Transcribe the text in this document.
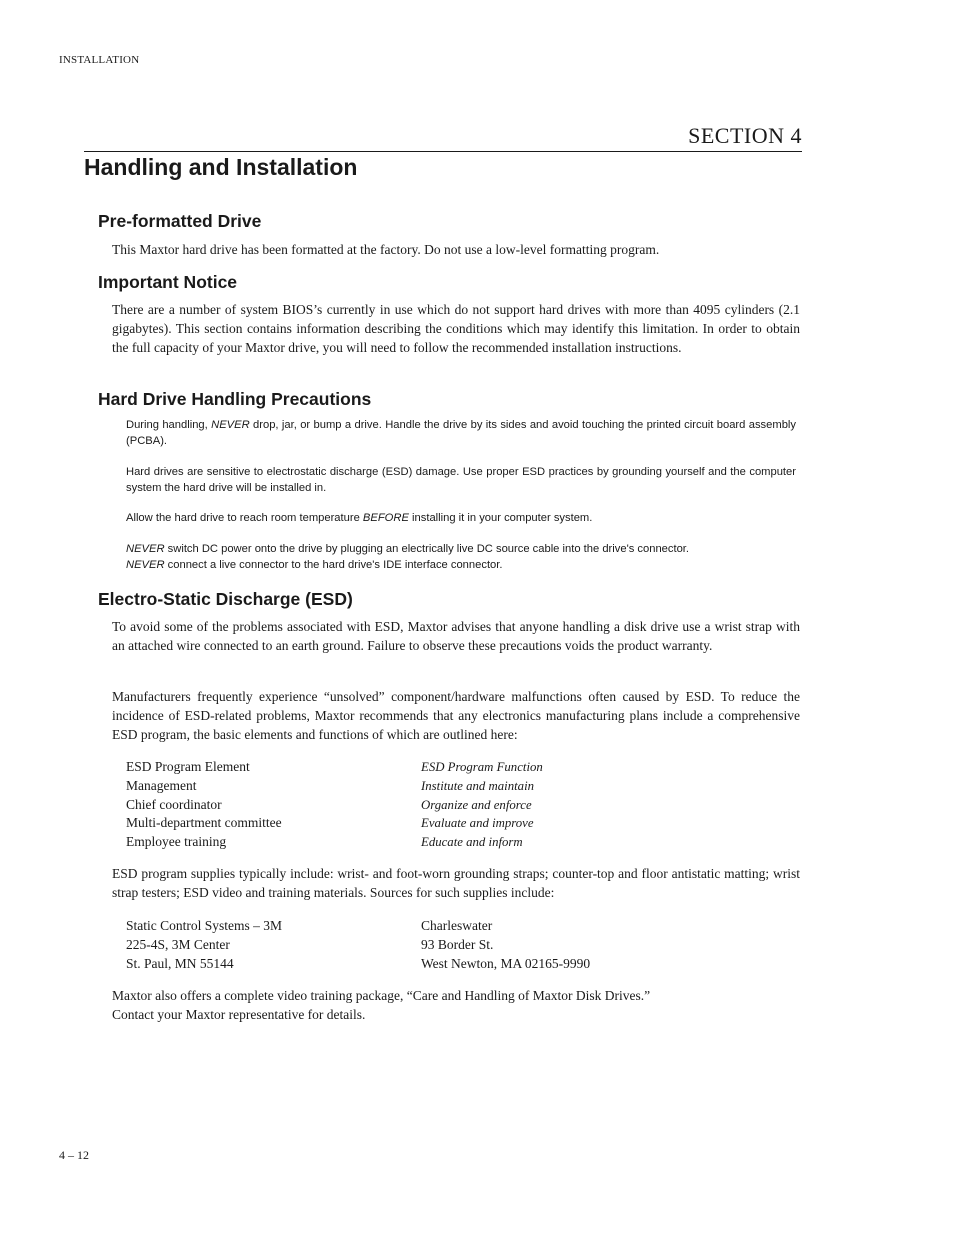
INSTALLATION
SECTION 4
Handling and Installation
Pre-formatted Drive

This Maxtor hard drive has been formatted at the factory. Do not use a low-level formatting program.

Important Notice

There are a number of system BIOS’s currently in use which do not support hard drives with more than 4095 cylinders (2.1 gigabytes). This section contains information describing the conditions which may identify this limitation. In order to obtain the full capacity of your Maxtor drive, you will need to follow the recommended installation instructions.

Hard Drive Handling Precautions

During handling, NEVER drop, jar, or bump a drive. Handle the drive by its sides and avoid touching the printed circuit board assembly (PCBA).

Hard drives are sensitive to electrostatic discharge (ESD) damage. Use proper ESD practices by grounding yourself and the computer system the hard drive will be installed in.

Allow the hard drive to reach room temperature BEFORE installing it in your computer system.

NEVER switch DC power onto the drive by plugging an electrically live DC source cable into the drive's connector.
NEVER connect a live connector to the hard drive's IDE interface connector.

Electro-Static Discharge (ESD)

To avoid some of the problems associated with ESD, Maxtor advises that anyone handling a disk drive use a wrist strap with an attached wire connected to an earth ground. Failure to observe these precautions voids the product warranty.

Manufacturers frequently experience “unsolved” component/hardware malfunctions often caused by ESD. To reduce the incidence of ESD-related problems, Maxtor recommends that any electronics manufacturing plans include a comprehensive ESD program, the basic elements and functions of which are outlined here:

ESD Program Element	ESD Program Function
Management	Institute and maintain
Chief coordinator	Organize and enforce
Multi-department committee	Evaluate and improve
Employee training	Educate and inform

ESD program supplies typically include: wrist- and foot-worn grounding straps; counter-top and floor antistatic matting; wrist strap testers; ESD video and training materials. Sources for such supplies include:

Static Control Systems – 3M	Charleswater
225-4S, 3M Center	93 Border St.
St. Paul, MN 55144	West Newton, MA 02165-9990

Maxtor also offers a complete video training package, “Care and Handling of Maxtor Disk Drives.”
Contact your Maxtor representative for details.

4 – 12
